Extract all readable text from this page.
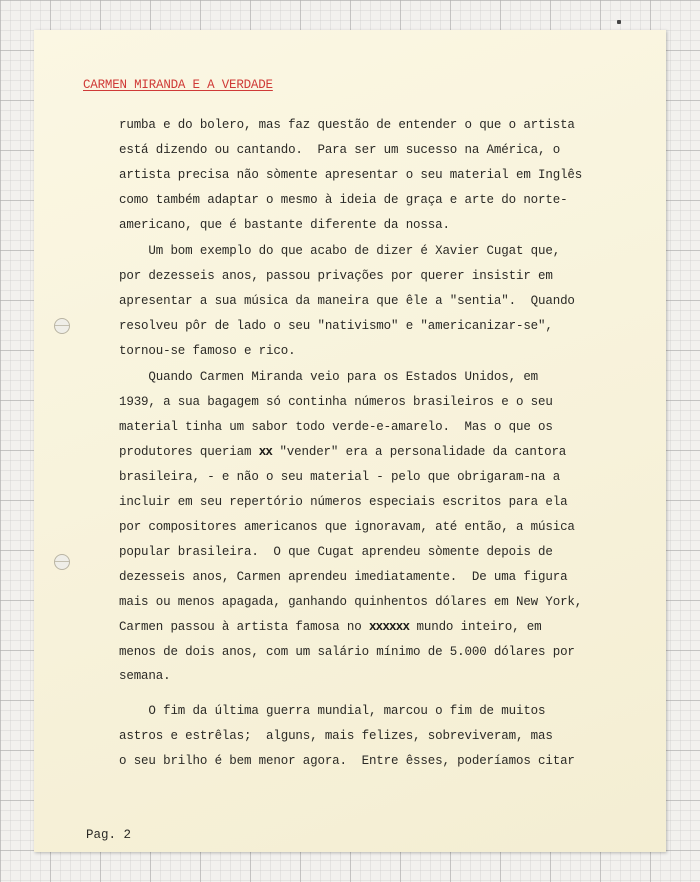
CARMEN MIRANDA E A VERDADE
rumba e do bolero, mas faz questão de entender o que o artista
está dizendo ou cantando.  Para ser um sucesso na América, o
artista precisa não sòmente apresentar o seu material em Inglês
como também adaptar o mesmo à ideia de graça e arte do norte-
americano, que é bastante diferente da nossa.
Um bom exemplo do que acabo de dizer é Xavier Cugat que,
por dezesseis anos, passou privações por querer insistir em
apresentar a sua música da maneira que êle a "sentia".  Quando
resolveu pôr de lado o seu "nativismo" e "americanizar-se",
tornou-se famoso e rico.
Quando Carmen Miranda veio para os Estados Unidos, em
1939, a sua bagagem só continha números brasileiros e o seu
material tinha um sabor todo verde-e-amarelo.  Mas o que os
produtores queriam xx "vender" era a personalidade da cantora
brasileira, - e não o seu material - pelo que obrigaram-na a
incluir em seu repertório números especiais escritos para ela
por compositores americanos que ignoravam, até então, a música
popular brasileira.  O que Cugat aprendeu sòmente depois de
dezesseis anos, Carmen aprendeu imediatamente.  De uma figura
mais ou menos apagada, ganhando quinhentos dólares em New York,
Carmen passou à artista famosa no xxxxxx mundo inteiro, em
menos de dois anos, com um salário mínimo de 5.000 dólares por
semana.
O fim da última guerra mundial, marcou o fim de muitos
astros e estrêlas;  alguns, mais felizes, sobreviveram, mas
o seu brilho é bem menor agora.  Entre êsses, poderíamos citar
Pag. 2
